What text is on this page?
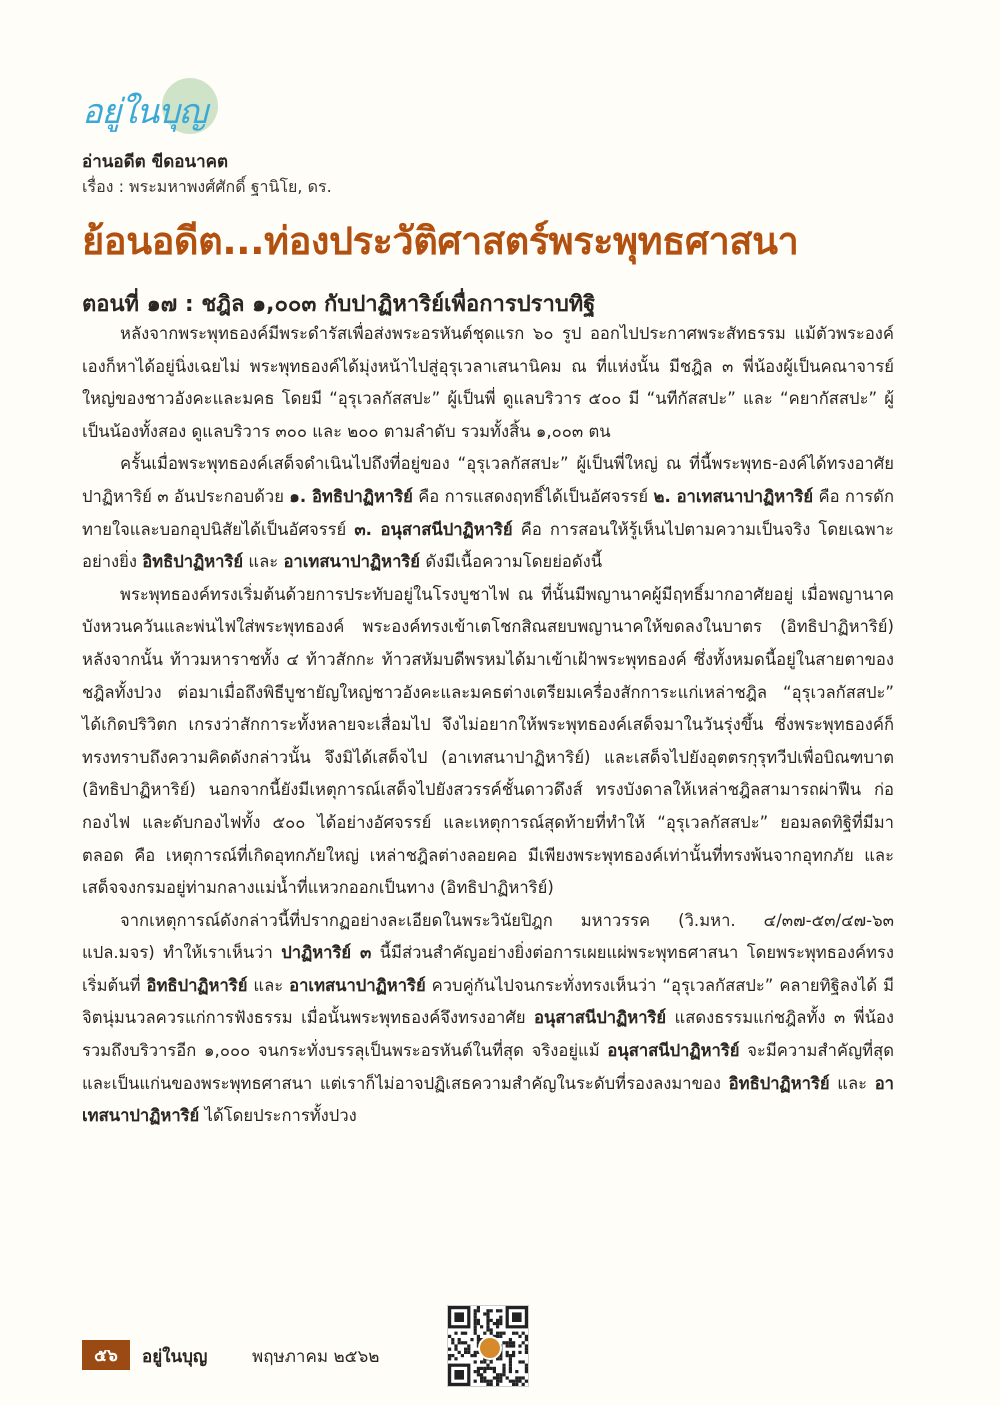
อยู่ในบุญ
อ่านอดีต ขีดอนาคต
เรื่อง : พระมหาพงศ์ศักดิ์ ฐานิโย, ดร.
ย้อนอดีต...ท่องประวัติศาสตร์พระพุทธศาสนา
ตอนที่ ๑๗ : ชฎิล ๑,๐๐๓ กับปาฏิหาริย์เพื่อการปราบทิฐิ

หลังจากพระพุทธองค์มีพระดำรัสเพื่อส่งพระอรหันต์ชุดแรก ๖๐ รูป ออกไปประกาศพระสัทธรรม แม้ตัวพระองค์เองก็หาได้อยู่นิ่งเฉยไม่ พระพุทธองค์ได้มุ่งหน้าไปสู่อุรุเวลาเสนานิคม ณ ที่แห่งนั้น มีชฎิล ๓ พี่น้องผู้เป็นคณาจารย์ใหญ่ของชาวอังคะและมคธ โดยมี “อุรุเวลกัสสปะ” ผู้เป็นพี่ ดูแลบริวาร ๕๐๐ มี “นทีกัสสปะ” และ “คยากัสสปะ” ผู้เป็นน้องทั้งสอง ดูแลบริวาร ๓๐๐ และ ๒๐๐ ตามลำดับ รวมทั้งสิ้น ๑,๐๐๓ ตน

ครั้นเมื่อพระพุทธองค์เสด็จดำเนินไปถึงที่อยู่ของ “อุรุเวลกัสสปะ” ผู้เป็นพี่ใหญ่ ณ ที่นี้พระพุทธ-องค์ได้ทรงอาศัยปาฏิหาริย์ ๓ อันประกอบด้วย ๑. อิทธิปาฏิหาริย์ คือ การแสดงฤทธิ์ได้เป็นอัศจรรย์ ๒. อาเทสนาปาฏิหาริย์ คือ การดักทายใจและบอกอุปนิสัยได้เป็นอัศจรรย์ ๓. อนุสาสนีปาฏิหาริย์ คือ การสอนให้รู้เห็นไปตามความเป็นจริง โดยเฉพาะอย่างยิ่ง อิทธิปาฏิหาริย์ และ อาเทสนาปาฏิหาริย์ ดังมีเนื้อความโดยย่อดังนี้

พระพุทธองค์ทรงเริ่มต้นด้วยการประทับอยู่ในโรงบูชาไฟ ณ ที่นั้นมีพญานาคผู้มีฤทธิ์มากอาศัยอยู่ เมื่อพญานาคบังหวนควันและพ่นไฟใส่พระพุทธองค์ พระองค์ทรงเข้าเตโชกสิณสยบพญานาคให้ขดลงในบาตร (อิทธิปาฏิหาริย์) หลังจากนั้น ท้าวมหาราชทั้ง ๔ ท้าวสักกะ ท้าวสหัมบดีพรหมได้มาเข้าเฝ้าพระพุทธองค์ ซึ่งทั้งหมดนี้อยู่ในสายตาของชฎิลทั้งปวง ต่อมาเมื่อถึงพิธีบูชายัญใหญ่ชาวอังคะและมคธต่างเตรียมเครื่องสักการะแก่เหล่าชฎิล “อุรุเวลกัสสปะ” ได้เกิดปริวิตก เกรงว่าสักการะทั้งหลายจะเสื่อมไป จึงไม่อยากให้พระพุทธองค์เสด็จมาในวันรุ่งขึ้น ซึ่งพระพุทธองค์ก็ทรงทราบถึงความคิดดังกล่าวนั้น จึงมิได้เสด็จไป (อาเทสนาปาฏิหาริย์) และเสด็จไปยังอุตตรกุรุทวีปเพื่อบิณฑบาต (อิทธิปาฏิหาริย์) นอกจากนี้ยังมีเหตุการณ์เสด็จไปยังสวรรค์ชั้นดาวดึงส์ ทรงบังดาลให้เหล่าชฎิลสามารถผ่าฟืน ก่อกองไฟ และดับกองไฟทั้ง ๕๐๐ ได้อย่างอัศจรรย์ และเหตุการณ์สุดท้ายที่ทำให้ “อุรุเวลกัสสปะ” ยอมลดทิฐิที่มีมาตลอด คือ เหตุการณ์ที่เกิดอุทกภัยใหญ่ เหล่าชฎิลต่างลอยคอ มีเพียงพระพุทธองค์เท่านั้นที่ทรงพ้นจากอุทกภัย และเสด็จจงกรมอยู่ท่ามกลางแม่น้ำที่แหวกออกเป็นทาง (อิทธิปาฏิหาริย์)

จากเหตุการณ์ดังกล่าวนี้ที่ปรากฏอย่างละเอียดในพระวินัยปิฎก มหาวรรค (วิ.มหา. ๔/๓๗-๕๓/๔๗-๖๓ แปล.มจร) ทำให้เราเห็นว่า ปาฏิหาริย์ ๓ นี้มีส่วนสำคัญอย่างยิ่งต่อการเผยแผ่พระพุทธศาสนา โดยพระพุทธองค์ทรงเริ่มต้นที่ อิทธิปาฏิหาริย์ และ อาเทสนาปาฏิหาริย์ ควบคู่กันไปจนกระทั่งทรงเห็นว่า “อุรุเวลกัสสปะ” คลายทิฐิลงได้ มีจิตนุ่มนวลควรแก่การฟังธรรม เมื่อนั้นพระพุทธองค์จึงทรงอาศัย อนุสาสนีปาฏิหาริย์ แสดงธรรมแก่ชฎิลทั้ง ๓ พี่น้อง รวมถึงบริวารอีก ๑,๐๐๐ จนกระทั่งบรรลุเป็นพระอรหันต์ในที่สุด จริงอยู่แม้ อนุสาสนีปาฏิหาริย์ จะมีความสำคัญที่สุดและเป็นแก่นของพระพุทธศาสนา แต่เราก็ไม่อาจปฏิเสธความสำคัญในระดับที่รองลงมาของ อิทธิปาฏิหาริย์ และ อาเทสนาปาฏิหาริย์ ได้โดยประการทั้งปวง

๕๖	อยู่ในบุญ	พฤษภาคม ๒๕๖๒
